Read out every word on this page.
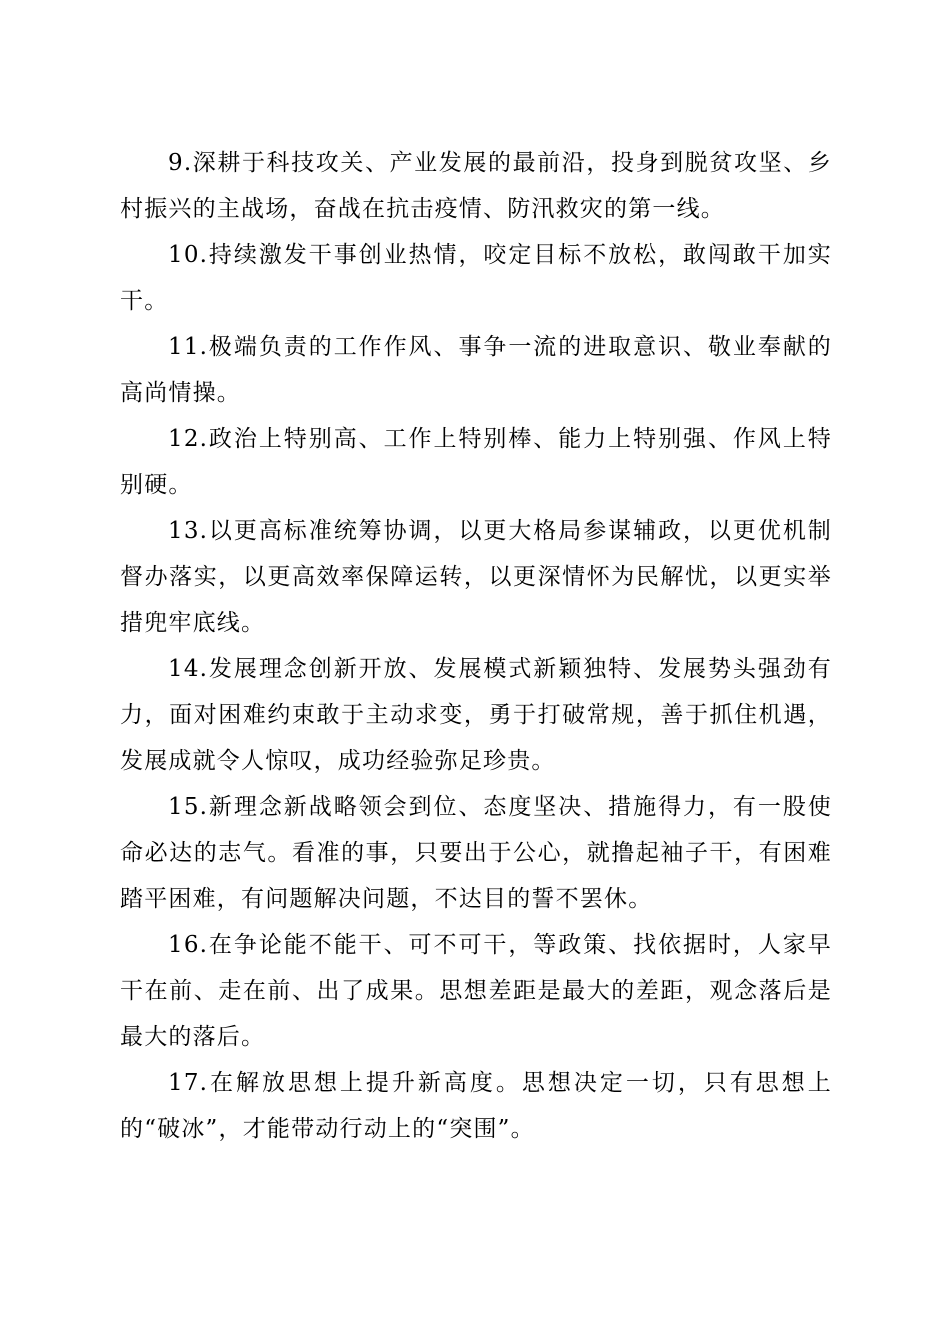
9.深耕于科技攻关、产业发展的最前沿，投身到脱贫攻坚、乡村振兴的主战场，奋战在抗击疫情、防汛救灾的第一线。

10.持续激发干事创业热情，咬定目标不放松，敢闯敢干加实干。

11.极端负责的工作作风、事争一流的进取意识、敬业奉献的高尚情操。

12.政治上特别高、工作上特别棒、能力上特别强、作风上特别硬。

13.以更高标准统筹协调，以更大格局参谋辅政，以更优机制督办落实，以更高效率保障运转，以更深情怀为民解忧，以更实举措兜牢底线。

14.发展理念创新开放、发展模式新颖独特、发展势头强劲有力，面对困难约束敢于主动求变，勇于打破常规，善于抓住机遇，发展成就令人惊叹，成功经验弥足珍贵。

15.新理念新战略领会到位、态度坚决、措施得力，有一股使命必达的志气。看准的事，只要出于公心，就撸起袖子干，有困难踏平困难，有问题解决问题，不达目的誓不罢休。

16.在争论能不能干、可不可干，等政策、找依据时，人家早干在前、走在前、出了成果。思想差距是最大的差距，观念落后是最大的落后。

17.在解放思想上提升新高度。思想决定一切，只有思想上的“破冰”，才能带动行动上的“突围”。
